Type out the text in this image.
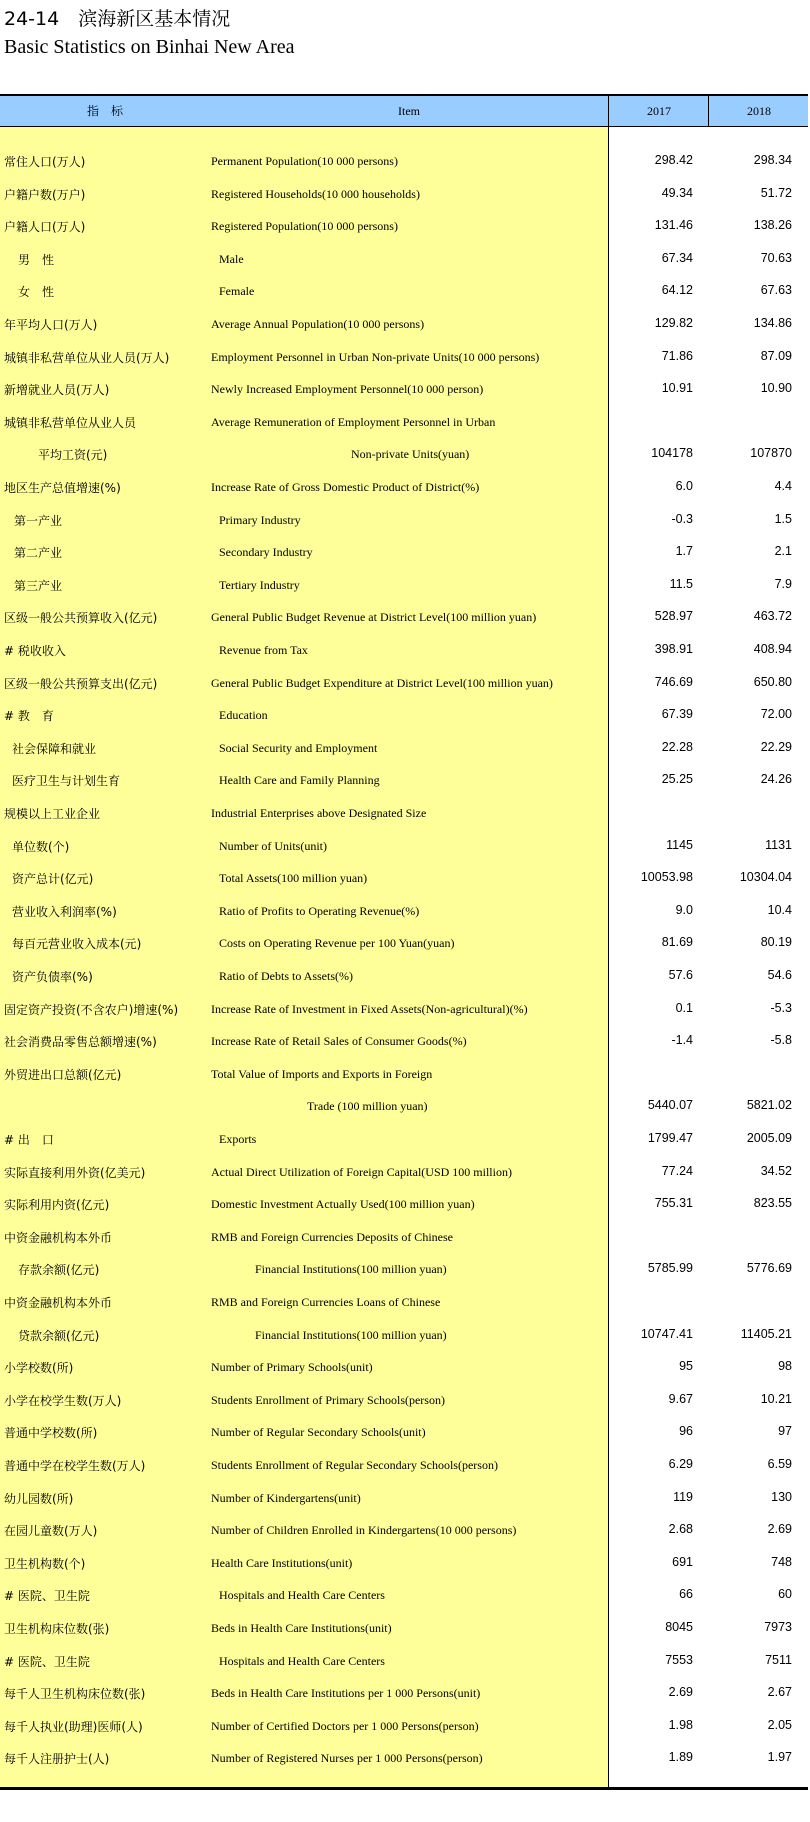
24-14　滨海新区基本情况
Basic Statistics on Binhai New Area
指　标	Item	2017	2018
常住人口(万人)	Permanent Population(10 000 persons)	298.42	298.34
户籍户数(万户)	Registered Households(10 000 households)	49.34	51.72
户籍人口(万人)	Registered Population(10 000 persons)	131.46	138.26
男　性	Male	67.34	70.63
女　性	Female	64.12	67.63
年平均人口(万人)	Average Annual Population(10 000 persons)	129.82	134.86
城镇非私营单位从业人员(万人)	Employment Personnel in Urban Non-private Units(10 000 persons)	71.86	87.09
新增就业人员(万人)	Newly Increased Employment Personnel(10 000 person)	10.91	10.90
城镇非私营单位从业人员	Average Remuneration of Employment Personnel in Urban
平均工资(元)	Non-private Units(yuan)	104178	107870
地区生产总值增速(%)	Increase Rate of Gross Domestic Product of District(%)	6.0	4.4
第一产业	Primary Industry	-0.3	1.5
第二产业	Secondary Industry	1.7	2.1
第三产业	Tertiary Industry	11.5	7.9
区级一般公共预算收入(亿元)	General Public Budget Revenue at District Level(100 million yuan)	528.97	463.72
# 税收收入	Revenue from Tax	398.91	408.94
区级一般公共预算支出(亿元)	General Public Budget Expenditure at District Level(100 million yuan)	746.69	650.80
# 教　育	Education	67.39	72.00
社会保障和就业	Social Security and Employment	22.28	22.29
医疗卫生与计划生育	Health Care and Family Planning	25.25	24.26
规模以上工业企业	Industrial Enterprises above Designated Size
单位数(个)	Number of Units(unit)	1145	1131
资产总计(亿元)	Total Assets(100 million yuan)	10053.98	10304.04
营业收入利润率(%)	Ratio of Profits to Operating Revenue(%)	9.0	10.4
每百元营业收入成本(元)	Costs on Operating Revenue per 100 Yuan(yuan)	81.69	80.19
资产负债率(%)	Ratio of Debts to Assets(%)	57.6	54.6
固定资产投资(不含农户)增速(%)	Increase Rate of Investment in Fixed Assets(Non-agricultural)(%)	0.1	-5.3
社会消费品零售总额增速(%)	Increase Rate of Retail Sales of Consumer Goods(%)	-1.4	-5.8
外贸进出口总额(亿元)	Total Value of Imports and Exports in Foreign
Trade (100 million yuan)	5440.07	5821.02
# 出　口	Exports	1799.47	2005.09
实际直接利用外资(亿美元)	Actual Direct Utilization of Foreign Capital(USD 100 million)	77.24	34.52
实际利用内资(亿元)	Domestic Investment Actually Used(100 million yuan)	755.31	823.55
中资金融机构本外币	RMB and Foreign Currencies Deposits of Chinese
存款余额(亿元)	Financial Institutions(100 million yuan)	5785.99	5776.69
中资金融机构本外币	RMB and Foreign Currencies Loans of Chinese
贷款余额(亿元)	Financial Institutions(100 million yuan)	10747.41	11405.21
小学校数(所)	Number of Primary Schools(unit)	95	98
小学在校学生数(万人)	Students Enrollment of Primary Schools(person)	9.67	10.21
普通中学校数(所)	Number of Regular Secondary Schools(unit)	96	97
普通中学在校学生数(万人)	Students Enrollment of Regular Secondary Schools(person)	6.29	6.59
幼儿园数(所)	Number of Kindergartens(unit)	119	130
在园儿童数(万人)	Number of Children Enrolled in Kindergartens(10 000 persons)	2.68	2.69
卫生机构数(个)	Health Care Institutions(unit)	691	748
# 医院、卫生院	Hospitals and Health Care Centers	66	60
卫生机构床位数(张)	Beds in Health Care Institutions(unit)	8045	7973
# 医院、卫生院	Hospitals and Health Care Centers	7553	7511
每千人卫生机构床位数(张)	Beds in Health Care Institutions per 1 000 Persons(unit)	2.69	2.67
每千人执业(助理)医师(人)	Number of Certified Doctors per 1 000 Persons(person)	1.98	2.05
每千人注册护士(人)	Number of Registered Nurses per 1 000 Persons(person)	1.89	1.97
